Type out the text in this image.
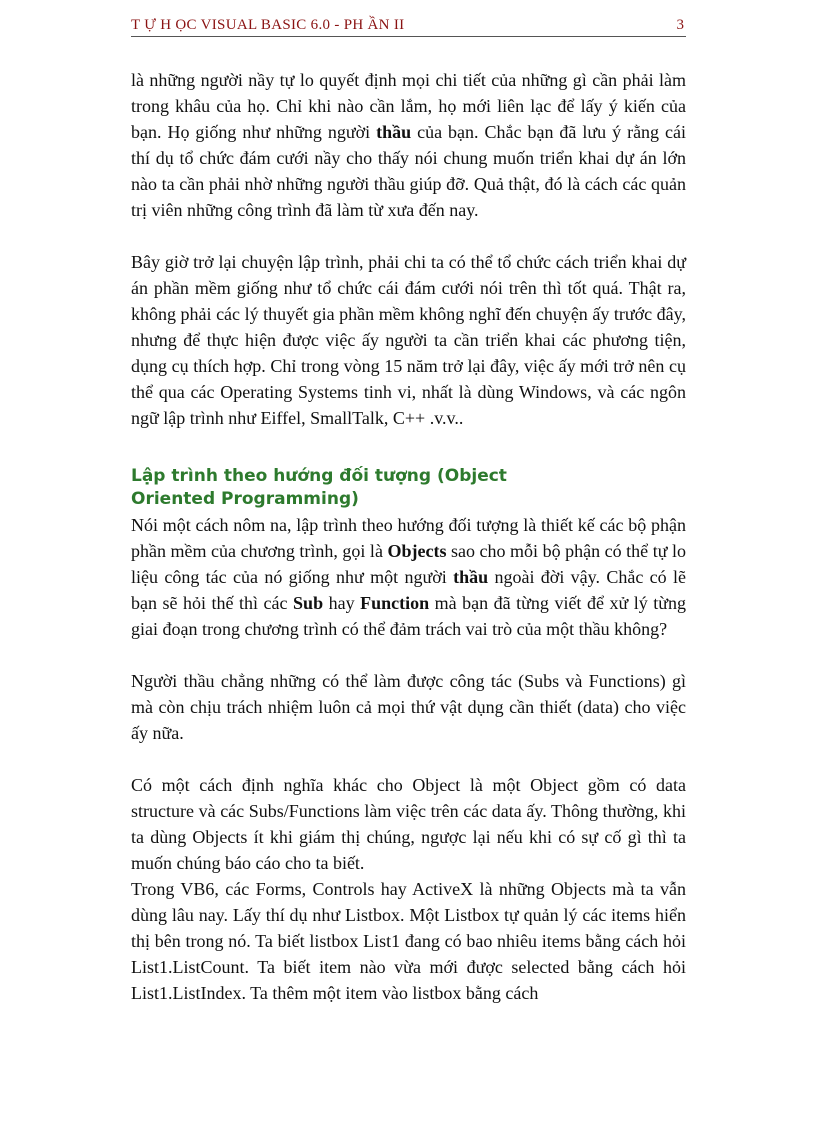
T Ự H ỌC VISUAL BASIC 6.0 - PH ẦN II	3

là những người nầy tự lo quyết định mọi chi tiết của những gì cần phải làm trong khâu của họ. Chỉ khi nào cần lắm, họ mới liên lạc để lấy ý kiến của bạn. Họ giống như những người thầu của bạn. Chắc bạn đã lưu ý rằng cái thí dụ tổ chức đám cưới nầy cho thấy nói chung muốn triển khai dự án lớn nào ta cần phải nhờ những người thầu giúp đỡ. Quả thật, đó là cách các quản trị viên những công trình đã làm từ xưa đến nay.

Bây giờ trở lại chuyện lập trình, phải chi ta có thể tổ chức cách triển khai dự án phần mềm giống như tổ chức cái đám cưới nói trên thì tốt quá. Thật ra, không phải các lý thuyết gia phần mềm không nghĩ đến chuyện ấy trước đây, nhưng để thực hiện được việc ấy người ta cần triển khai các phương tiện, dụng cụ thích hợp. Chỉ trong vòng 15 năm trở lại đây, việc ấy mới trở nên cụ thể qua các Operating Systems tinh vi, nhất là dùng Windows, và các ngôn ngữ lập trình như Eiffel, SmallTalk, C++ .v.v..

Lập trình theo hướng đối tượng (Object Oriented Programming)

Nói một cách nôm na, lập trình theo hướng đối tượng là thiết kế các bộ phận phần mềm của chương trình, gọi là Objects sao cho mỗi bộ phận có thể tự lo liệu công tác của nó giống như một người thầu ngoài đời vậy. Chắc có lẽ bạn sẽ hỏi thế thì các Sub hay Function mà bạn đã từng viết để xử lý từng giai đoạn trong chương trình có thể đảm trách vai trò của một thầu không?

Người thầu chẳng những có thể làm được công tác (Subs và Functions) gì mà còn chịu trách nhiệm luôn cả mọi thứ vật dụng cần thiết (data) cho việc ấy nữa.

Có một cách định nghĩa khác cho Object là một Object gồm có data structure và các Subs/Functions làm việc trên các data ấy. Thông thường, khi ta dùng Objects ít khi giám thị chúng, ngược lại nếu khi có sự cố gì thì ta muốn chúng báo cáo cho ta biết.

Trong VB6, các Forms, Controls hay ActiveX là những Objects mà ta vẫn dùng lâu nay. Lấy thí dụ như Listbox. Một Listbox tự quản lý các items hiển thị bên trong nó. Ta biết listbox List1 đang có bao nhiêu items bằng cách hỏi List1.ListCount. Ta biết item nào vừa mới được selected bằng cách hỏi List1.ListIndex. Ta thêm một item vào listbox bằng cách
